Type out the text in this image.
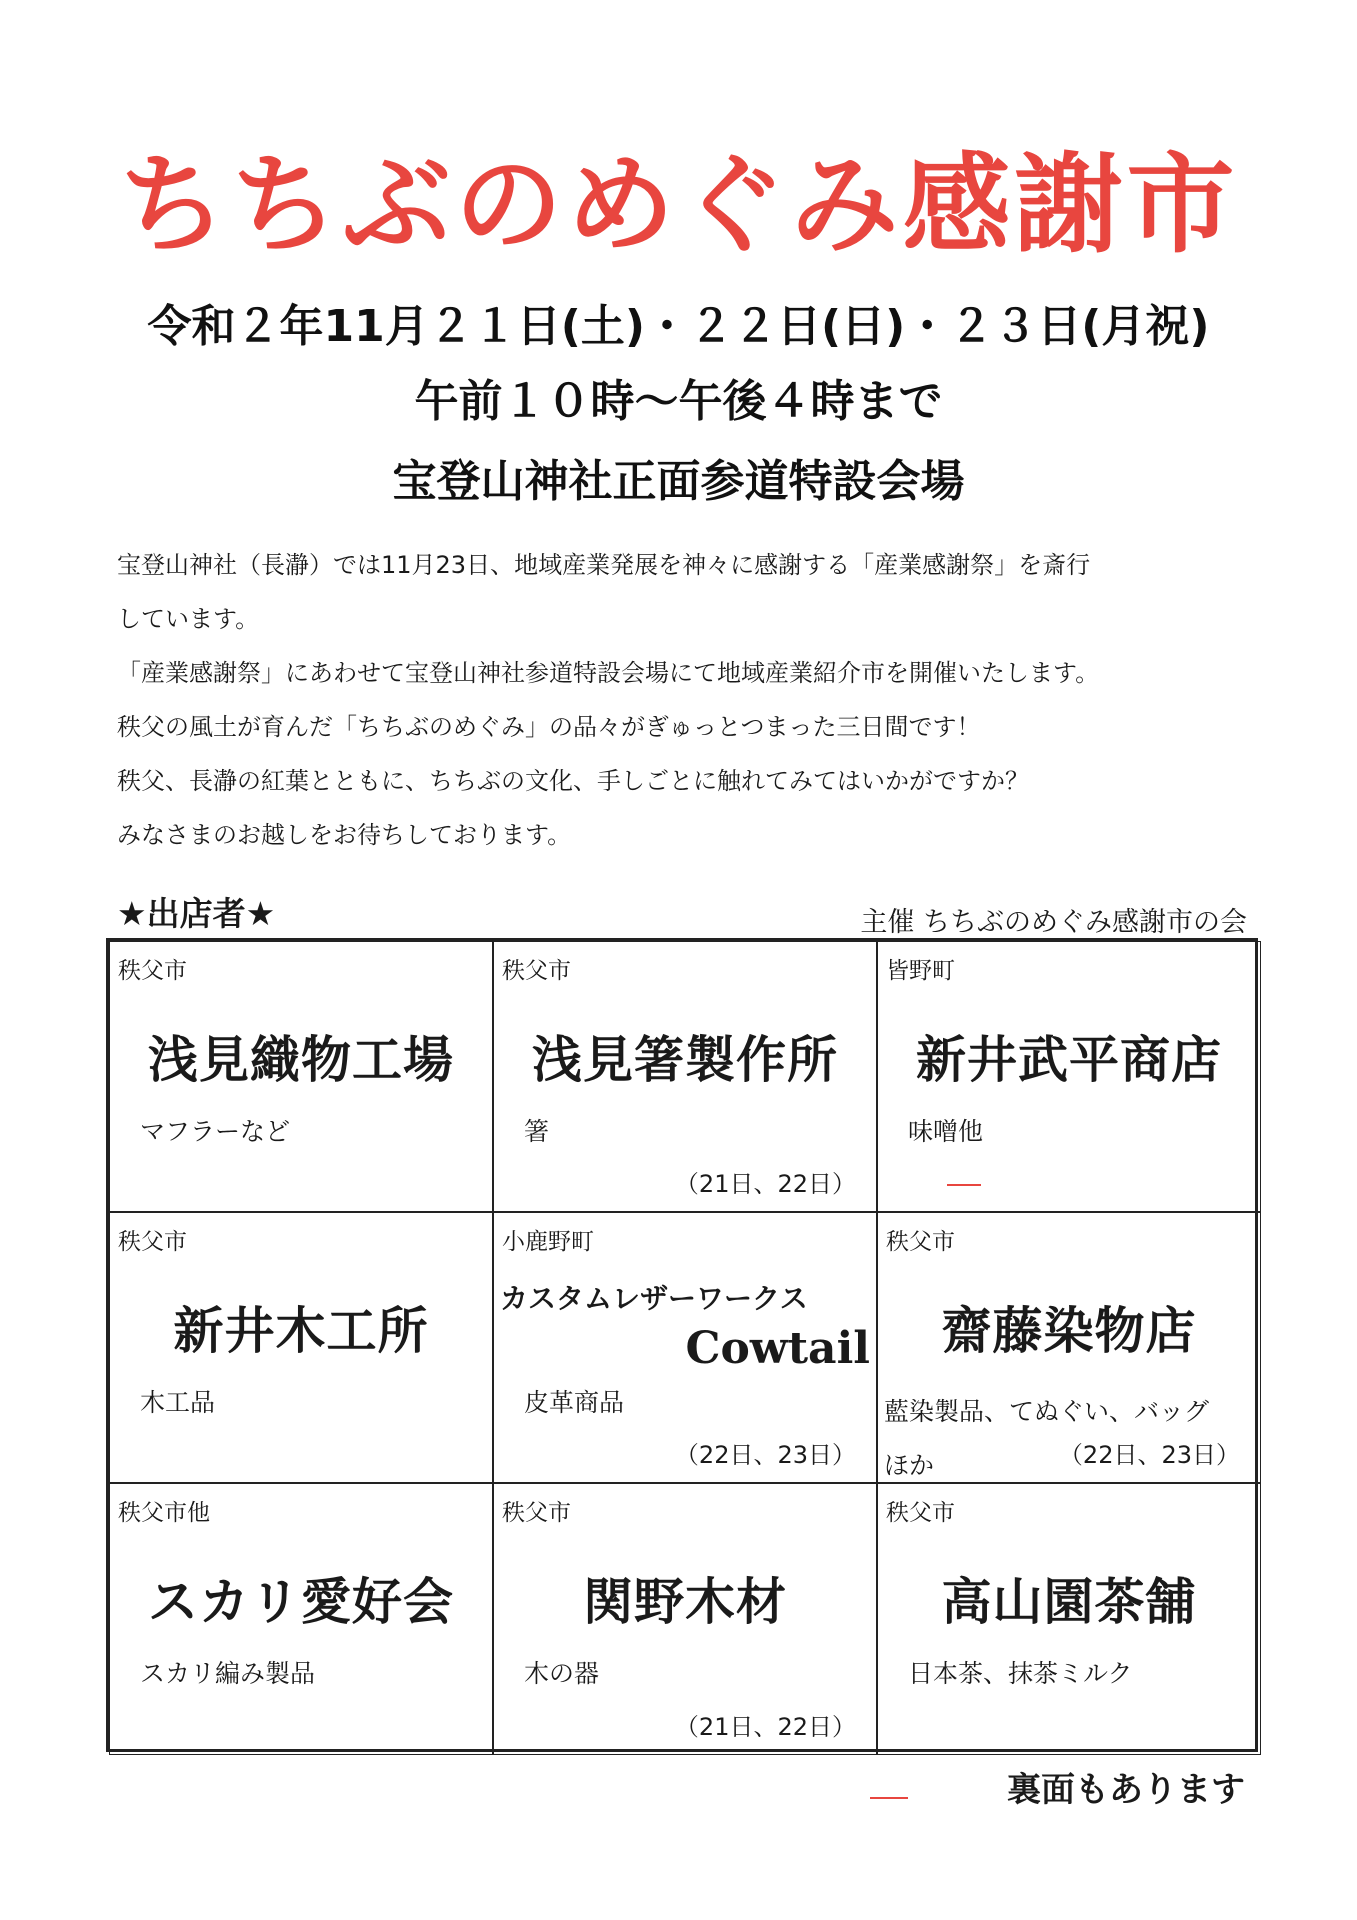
ちちぶのめぐみ感謝市
令和２年11月２１日(土)・２２日(日)・２３日(月祝)
午前１０時～午後４時まで
宝登山神社正面参道特設会場

宝登山神社（長瀞）では11月23日、地域産業発展を神々に感謝する「産業感謝祭」を斎行

しています。

「産業感謝祭」にあわせて宝登山神社参道特設会場にて地域産業紹介市を開催いたします。

秩父の風土が育んだ「ちちぶのめぐみ」の品々がぎゅっとつまった三日間です！

秩父、長瀞の紅葉とともに、ちちぶの文化、手しごとに触れてみてはいかがですか？

みなさまのお越しをお待ちしております。

★出店者★	主催 ちちぶのめぐみ感謝市の会
秩父市
浅見織物工場
マフラーなど
秩父市
浅見箸製作所
箸
（21日、22日）
皆野町
新井武平商店
味噌他
秩父市
新井木工所
木工品
小鹿野町
カスタムレザーワークス
Cowtail
皮革商品
（22日、23日）
秩父市
齋藤染物店
藍染製品、てぬぐい、バッグ
ほか	（22日、23日）
秩父市他
スカリ愛好会
スカリ編み製品
秩父市
関野木材
木の器
（21日、22日）
秩父市
高山園茶舗
日本茶、抹茶ミルク
裏面もあります
